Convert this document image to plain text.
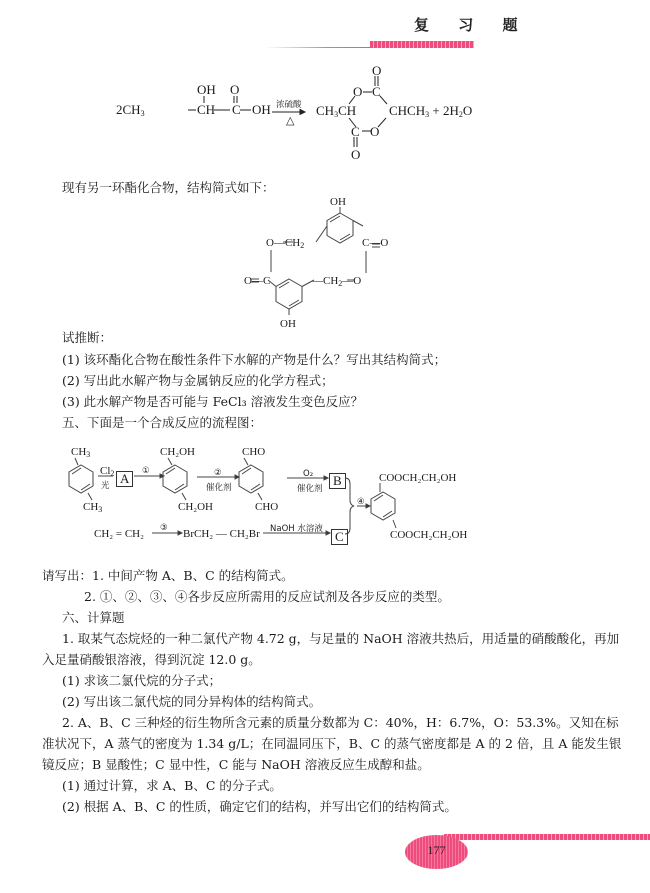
复 习 题
$2CH_3$
OH O
CH C OH 浓硫酸
△
$CH_3CH$
O C
O
C
O
O
$CHCH_3 + 2H_2O$
现有另一环酯化合物，结构简式如下：
OH
$O—CH_2$	C—O
O—C	$—CH_2—O$
OH
试推断：
(1) 该环酯化合物在酸性条件下水解的产物是什么？写出其结构简式；
(2) 写出此水解产物与金属钠反应的化学方程式；
(3) 此水解产物是否可能与 FeCl₃ 溶液发生变色反应？
五、下面是一个合成反应的流程图：
$CH_3$
$CH_3$
$Cl_2$
光 A	①
CH₂OH
CH₂OH
②
催化剂
CHO
CHO
O₂
催化剂
B
CH₂ = CH₂ ③ BrCH₂ — CH₂Br NaOH 水溶液 C
④
COOCH₂CH₂OH
COOCH₂CH₂OH
请写出：1. 中间产物 A、B、C 的结构简式。
2. ①、②、③、④各步反应所需用的反应试剂及各步反应的类型。
六、计算题
1. 取某气态烷烃的一种二氯代产物 4.72 g，与足量的 NaOH 溶液共热后，用适量的硝酸酸化，再加
入足量硝酸银溶液，得到沉淀 12.0 g。
(1) 求该二氯代烷的分子式；
(2) 写出该二氯代烷的同分异构体的结构简式。
2. A、B、C 三种烃的衍生物所含元素的质量分数都为 C：40%，H：6.7%，O：53.3%。又知在标
准状况下，A 蒸气的密度为 1.34 g/L；在同温同压下，B、C 的蒸气密度都是 A 的 2 倍，且 A 能发生银
镜反应；B 显酸性；C 显中性，C 能与 NaOH 溶液反应生成醇和盐。
(1) 通过计算，求 A、B、C 的分子式。
(2) 根据 A、B、C 的性质，确定它们的结构，并写出它们的结构简式。
177
